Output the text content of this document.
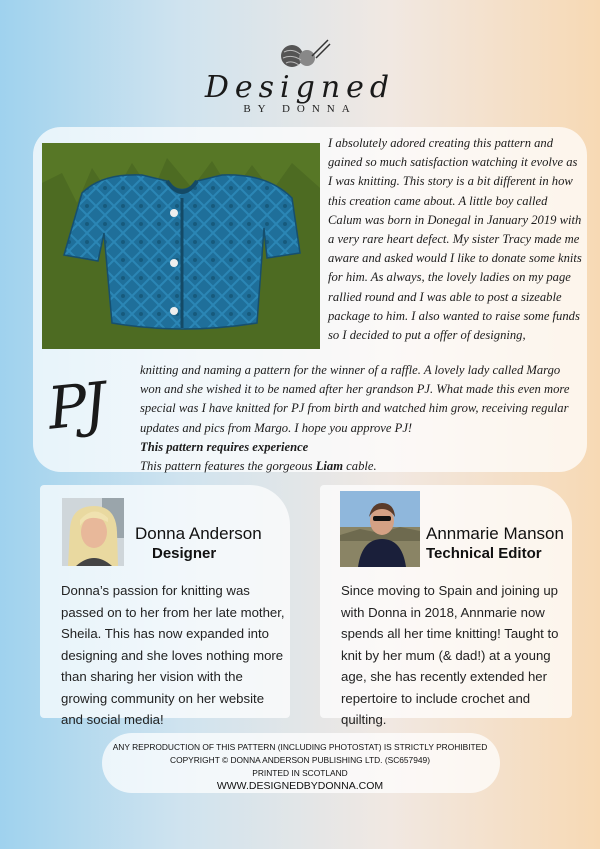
Designed
BY DONNA

I absolutely adored creating this pattern and gained so much satisfaction watching it evolve as I was knitting. This story is a bit different in how this creation came about. A little boy called Calum was born in Donegal in January 2019 with a very rare heart defect. My sister Tracy made me aware and asked would I like to donate some knits for him. As always, the lovely ladies on my page rallied round and I was able to post a sizeable package to him. I also wanted to raise some funds so I decided to put a offer of designing,

PJ	knitting and naming a pattern for the winner of a raffle. A lovely lady called Margo won and she wished it to be named after her grandson PJ. What made this even more special was I have knitted for PJ from birth and watched him grow, receiving regular updates and pics from Margo. I hope you approve PJ!
This pattern requires experience
This pattern features the gorgeous Liam cable.
Donna Anderson
Designer

Donna’s passion for knitting was passed on to her from her late mother, Sheila. This has now expanded into designing and she loves nothing more than sharing her vision with the growing community on her website and social media!

Annmarie Manson
Technical Editor

Since moving to Spain and joining up with Donna in 2018, Annmarie now spends all her time knitting! Taught to knit by her mum (& dad!) at a young age, she has recently extended her repertoire to include crochet and quilting.

ANY REPRODUCTION OF THIS PATTERN (INCLUDING PHOTOSTAT) IS STRICTLY PROHIBITED
COPYRIGHT © DONNA ANDERSON PUBLISHING LTD. (SC657949)
PRINTED IN SCOTLAND
WWW.DESIGNEDBYDONNA.COM
